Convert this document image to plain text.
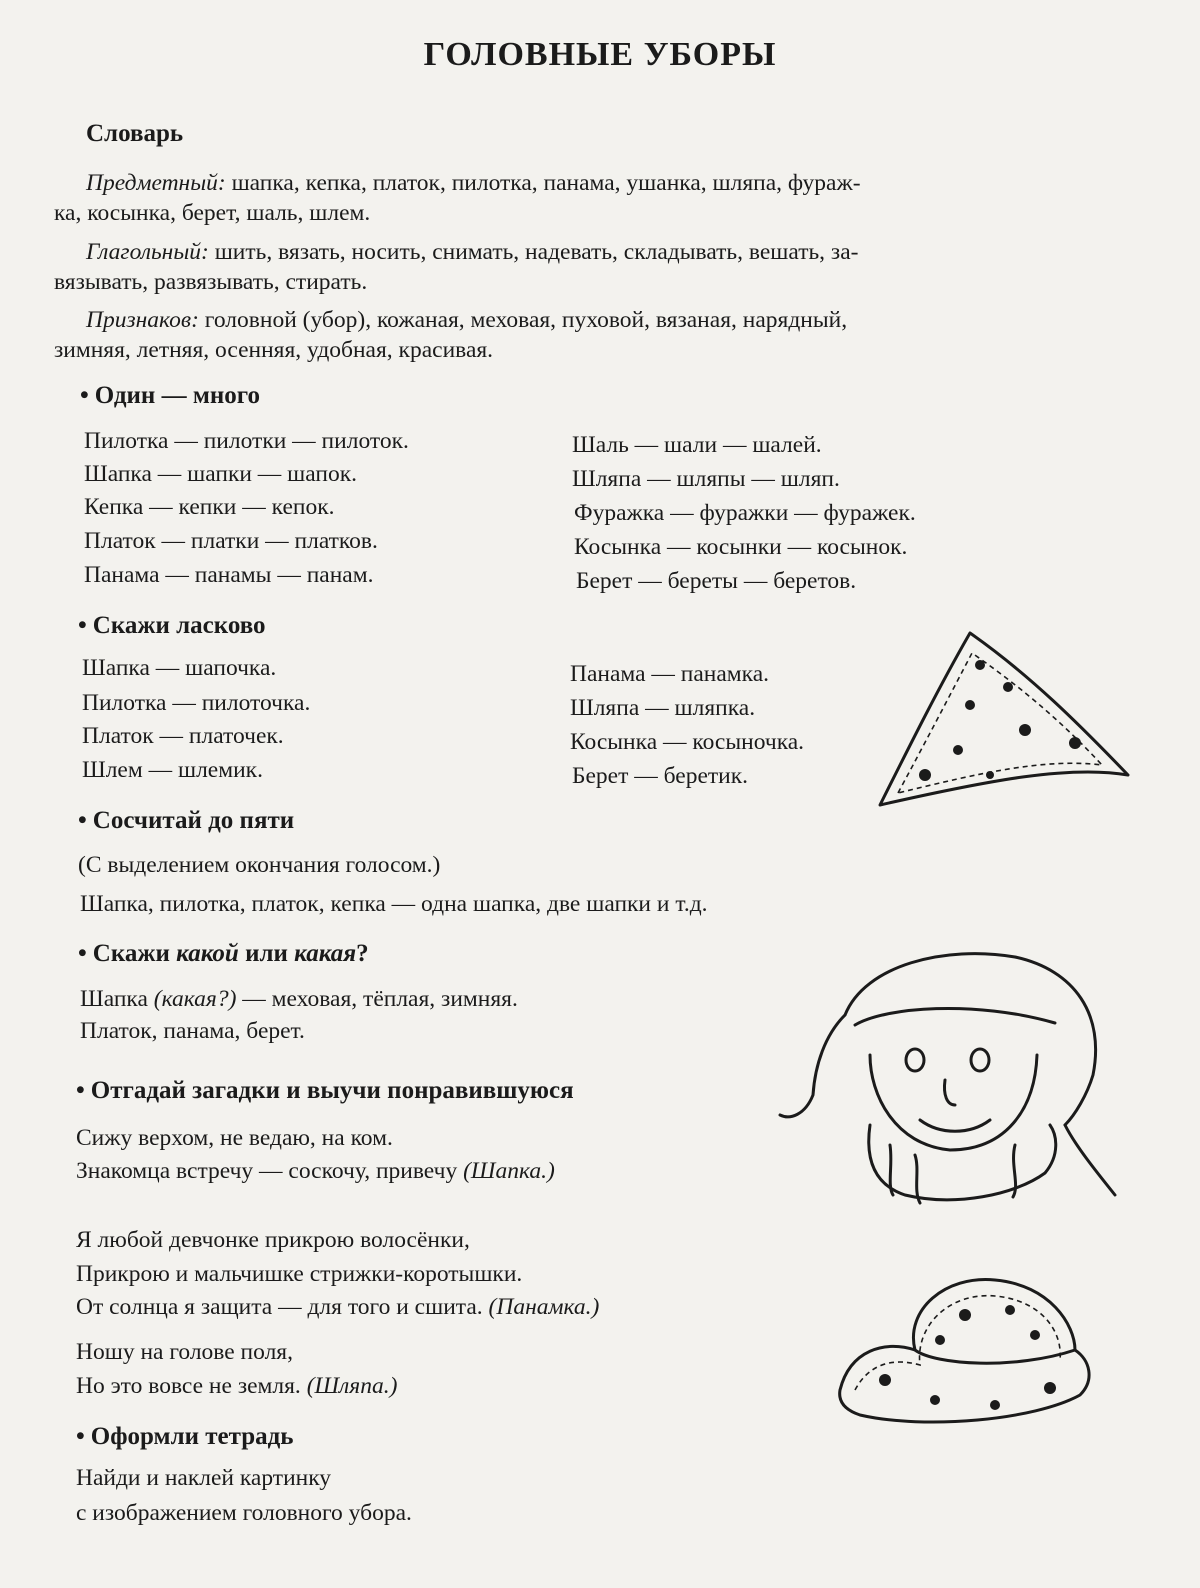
ГОЛОВНЫЕ УБОРЫ
Словарь
Предметный: шапка, кепка, платок, пилотка, панама, ушанка, шляпа, фураж-
ка, косынка, берет, шаль, шлем.
Глагольный: шить, вязать, носить, снимать, надевать, складывать, вешать, за-
вязывать, развязывать, стирать.
Признаков: головной (убор), кожаная, меховая, пуховой, вязаная, нарядный,
зимняя, летняя, осенняя, удобная, красивая.
• Один — много
Пилотка — пилотки — пилоток.
Шапка — шапки — шапок.
Кепка — кепки — кепок.
Платок — платки — платков.
Панама — панамы — панам.
Шаль — шали — шалей.
Шляпа — шляпы — шляп.
Фуражка — фуражки — фуражек.
Косынка — косынки — косынок.
Берет — береты — беретов.
• Скажи ласково
Шапка — шапочка.
Пилотка — пилоточка.
Платок — платочек.
Шлем — шлемик.
Панама — панамка.
Шляпа — шляпка.
Косынка — косыночка.
Берет — беретик.
• Сосчитай до пяти
(С выделением окончания голосом.)
Шапка, пилотка, платок, кепка — одна шапка, две шапки и т.д.
• Скажи какой или какая?
Шапка (какая?) — меховая, тёплая, зимняя.
Платок, панама, берет.
• Отгадай загадки и выучи понравившуюся
Сижу верхом, не ведаю, на ком.
Знакомца встречу — соскочу, привечу (Шапка.)
Я любой девчонке прикрою волосёнки,
Прикрою и мальчишке стрижки-коротышки.
От солнца я защита — для того и сшита. (Панамка.)
Ношу на голове поля,
Но это вовсе не земля. (Шляпа.)
• Оформли тетрадь
Найди и наклей картинку
с изображением головного убора.
